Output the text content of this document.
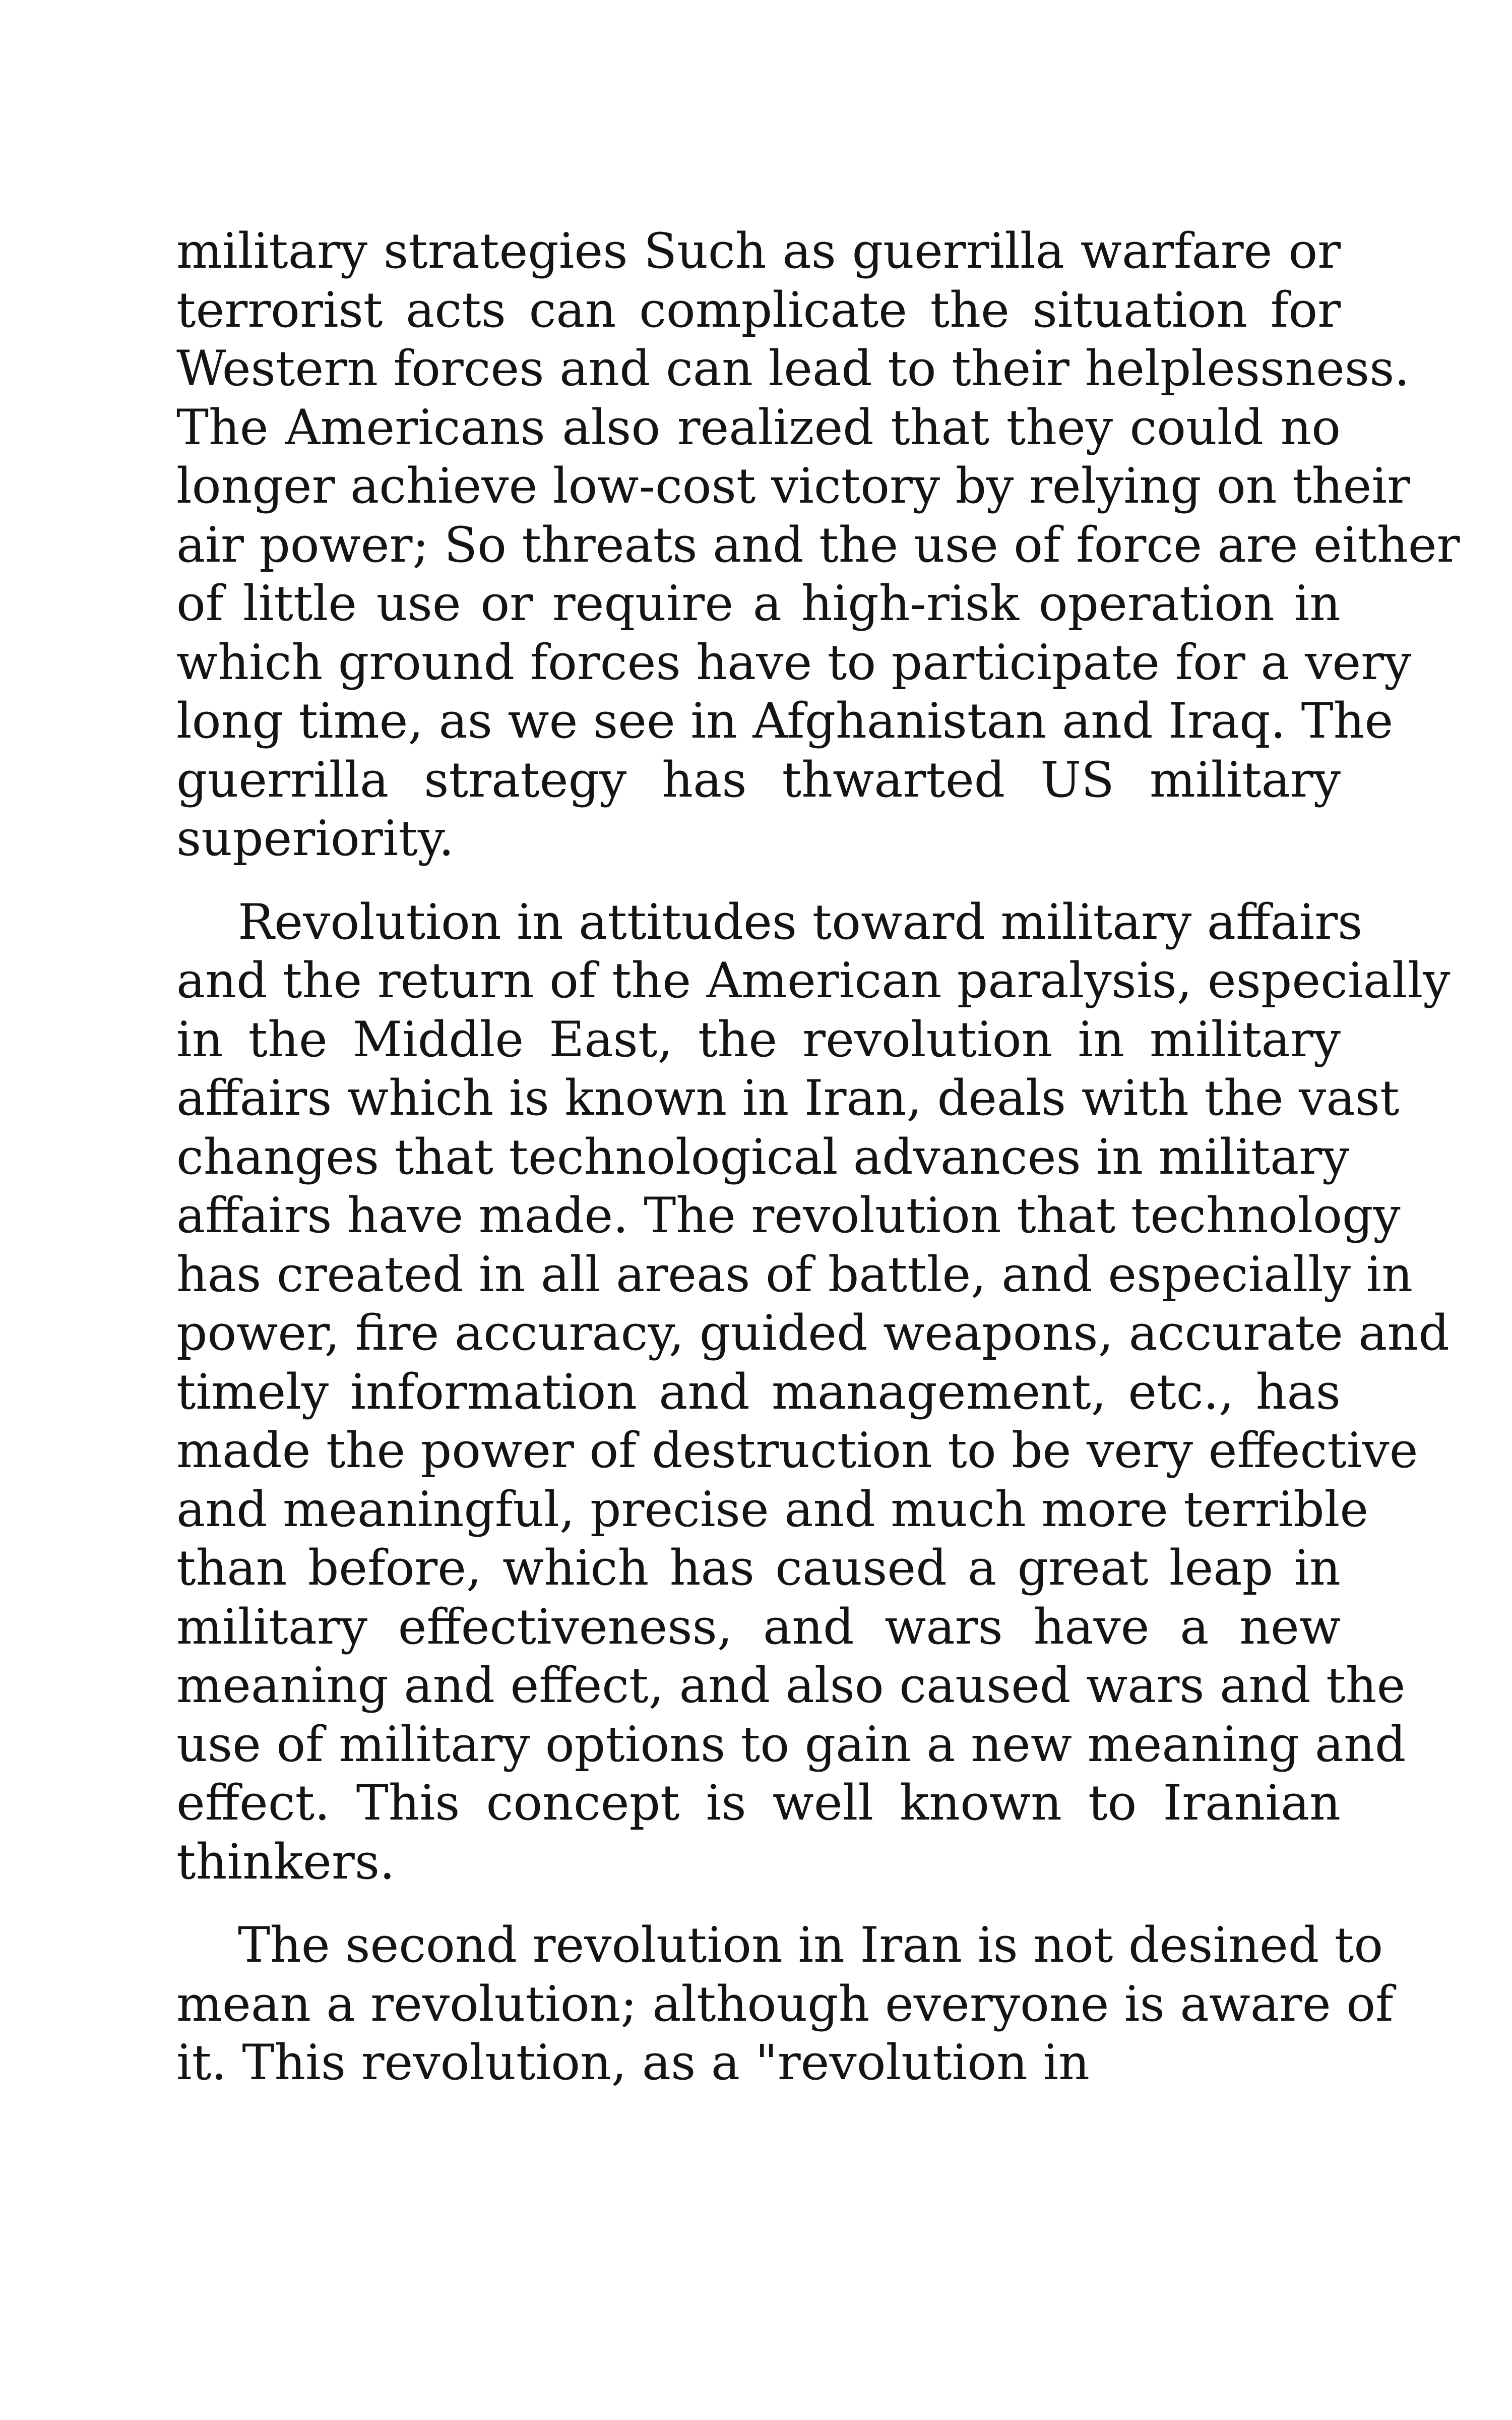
military strategies Such as guerrilla warfare or
terrorist acts can complicate the situation for
Western forces and can lead to their helplessness.
The Americans also realized that they could no
longer achieve low-cost victory by relying on their
air power; So threats and the use of force are either
of little use or require a high-risk operation in
which ground forces have to participate for a very
long time, as we see in Afghanistan and Iraq. The
guerrilla strategy has thwarted US military
superiority.

Revolution in attitudes toward military affairs
and the return of the American paralysis, especially
in the Middle East, the revolution in military
affairs which is known in Iran, deals with the vast
changes that technological advances in military
affairs have made. The revolution that technology
has created in all areas of battle, and especially in
power, fire accuracy, guided weapons, accurate and
timely information and management, etc., has
made the power of destruction to be very effective
and meaningful, precise and much more terrible
than before, which has caused a great leap in
military effectiveness, and wars have a new
meaning and effect, and also caused wars and the
use of military options to gain a new meaning and
effect. This concept is well known to Iranian
thinkers.

The second revolution in Iran is not desined to
mean a revolution; although everyone is aware of
it. This revolution, as a "revolution in
